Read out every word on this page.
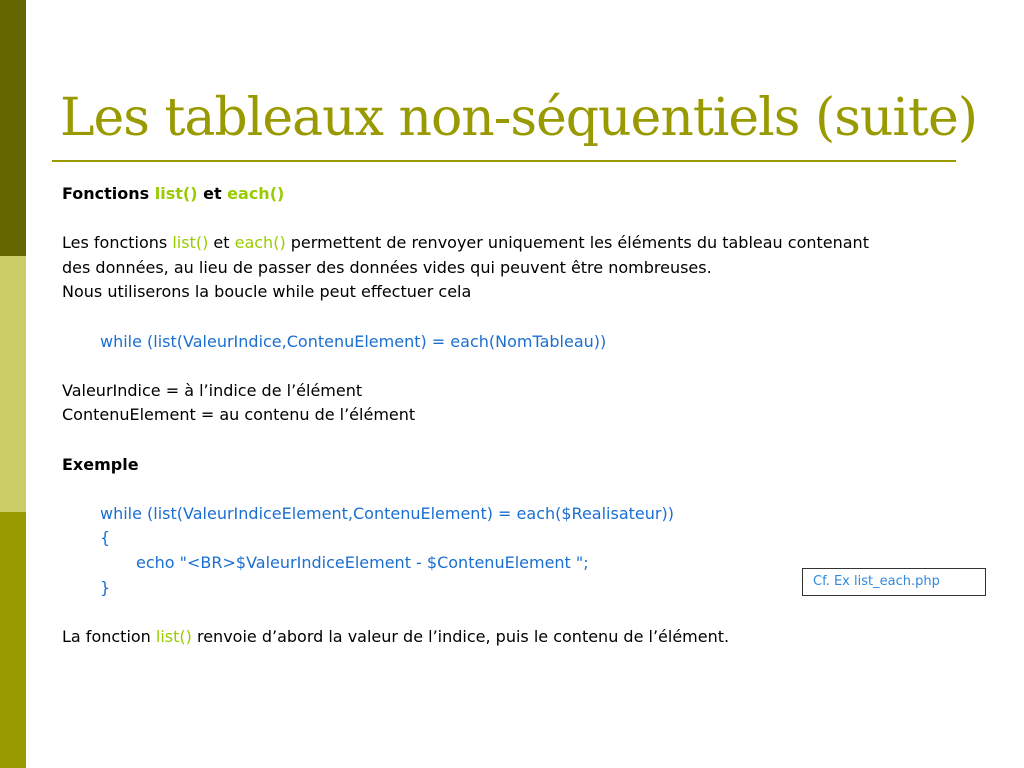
Les tableaux non-séquentiels (suite)

Fonctions list() et each()

Les fonctions list() et each() permettent de renvoyer uniquement les éléments du tableau contenant

des données, au lieu de passer des données vides qui peuvent être nombreuses.

Nous utiliserons la boucle while peut effectuer cela

while (list(ValeurIndice,ContenuElement) = each(NomTableau))

ValeurIndice = à l’indice de l’élément

ContenuElement = au contenu de l’élément

Exemple

while (list(ValeurIndiceElement,ContenuElement) = each($Realisateur))

{

echo "<BR>$ValeurIndiceElement - $ContenuElement ";

}

La fonction list() renvoie d’abord la valeur de l’indice, puis le contenu de l’élément.

Cf. Ex list_each.php
